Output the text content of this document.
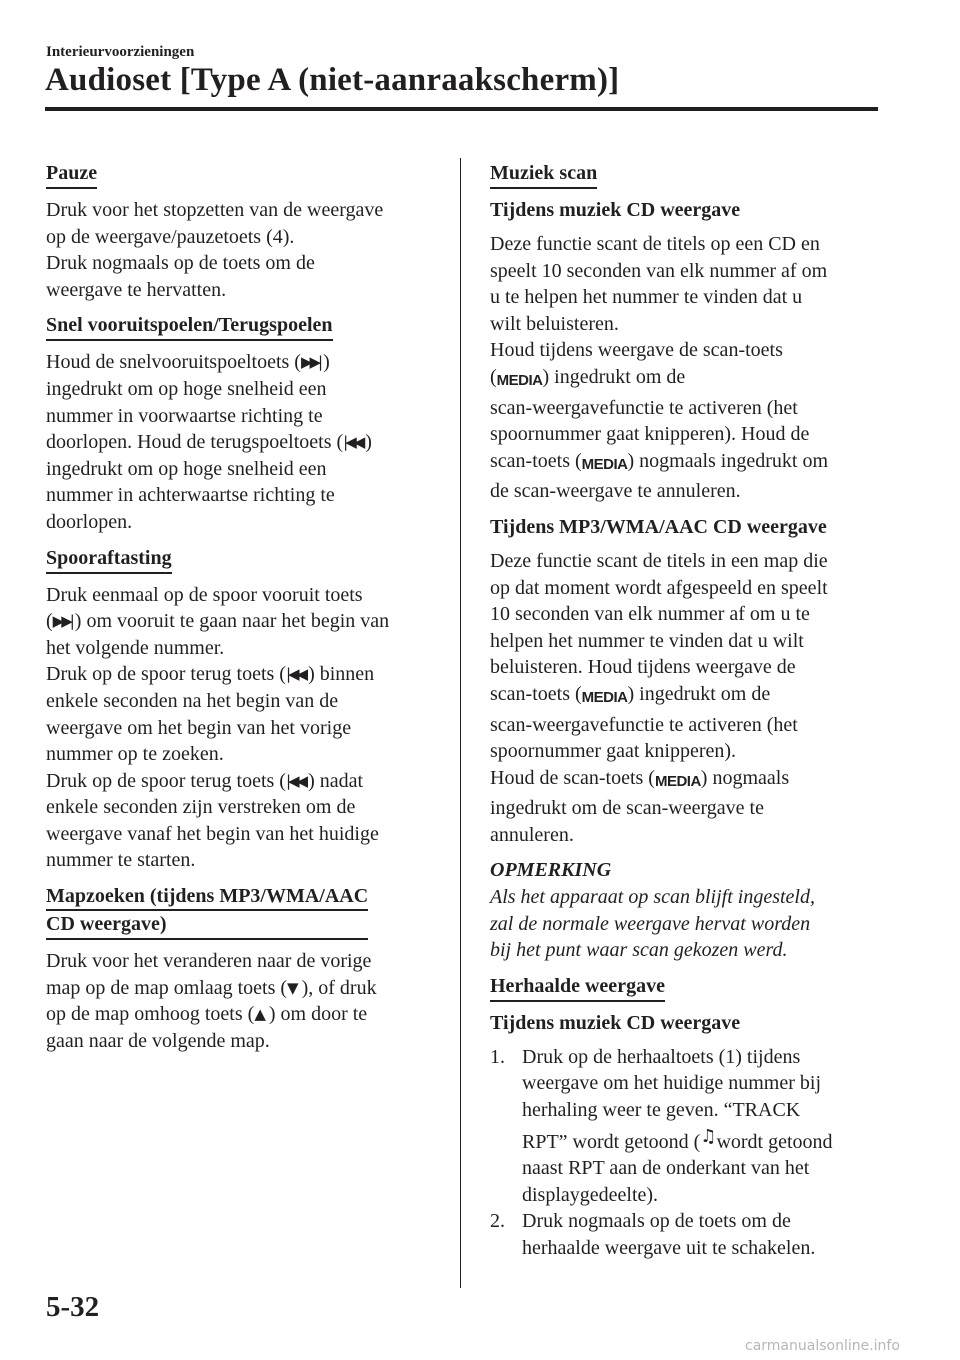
Interieurvoorzieningen
Audioset [Type A (niet-aanraakscherm)]
Pauze
Druk voor het stopzetten van de weergave
op de weergave/pauzetoets (4).
Druk nogmaals op de toets om de
weergave te hervatten.
Snel vooruitspoelen/Terugspoelen
Houd de snelvooruitspoeltoets (▶▶| )
ingedrukt om op hoge snelheid een
nummer in voorwaartse richting te
doorlopen. Houd de terugspoeltoets (|◀◀ )
ingedrukt om op hoge snelheid een
nummer in achterwaartse richting te
doorlopen.
Spooraftasting
Druk eenmaal op de spoor vooruit toets
(▶▶| ) om vooruit te gaan naar het begin van
het volgende nummer.
Druk op de spoor terug toets (|◀◀ ) binnen
enkele seconden na het begin van de
weergave om het begin van het vorige
nummer op te zoeken.
Druk op de spoor terug toets (|◀◀ ) nadat
enkele seconden zijn verstreken om de
weergave vanaf het begin van het huidige
nummer te starten.
Mapzoeken (tijdens MP3/WMA/AAC
CD weergave)
Druk voor het veranderen naar de vorige
map op de map omlaag toets (▼ ), of druk
op de map omhoog toets (▲ ) om door te
gaan naar de volgende map.
Muziek scan
Tijdens muziek CD weergave
Deze functie scant de titels op een CD en
speelt 10 seconden van elk nummer af om
u te helpen het nummer te vinden dat u
wilt beluisteren.
Houd tijdens weergave de scan-toets
(MEDIA) ingedrukt om de
scan-weergavefunctie te activeren (het
spoornummer gaat knipperen). Houd de
scan-toets (MEDIA) nogmaals ingedrukt om
de scan-weergave te annuleren.
Tijdens MP3/WMA/AAC CD weergave
Deze functie scant de titels in een map die
op dat moment wordt afgespeeld en speelt
10 seconden van elk nummer af om u te
helpen het nummer te vinden dat u wilt
beluisteren. Houd tijdens weergave de
scan-toets (MEDIA) ingedrukt om de
scan-weergavefunctie te activeren (het
spoornummer gaat knipperen).
Houd de scan-toets (MEDIA) nogmaals
ingedrukt om de scan-weergave te
annuleren.
OPMERKING
Als het apparaat op scan blijft ingesteld,
zal de normale weergave hervat worden
bij het punt waar scan gekozen werd.
Herhaalde weergave
Tijdens muziek CD weergave
1. Druk op de herhaaltoets (1) tijdens
weergave om het huidige nummer bij
herhaling weer te geven. “TRACK
RPT” wordt getoond (♫wordt getoond
naast RPT aan de onderkant van het
displaygedeelte).
2. Druk nogmaals op de toets om de
herhaalde weergave uit te schakelen.
5-32
carmanualsonline.info
